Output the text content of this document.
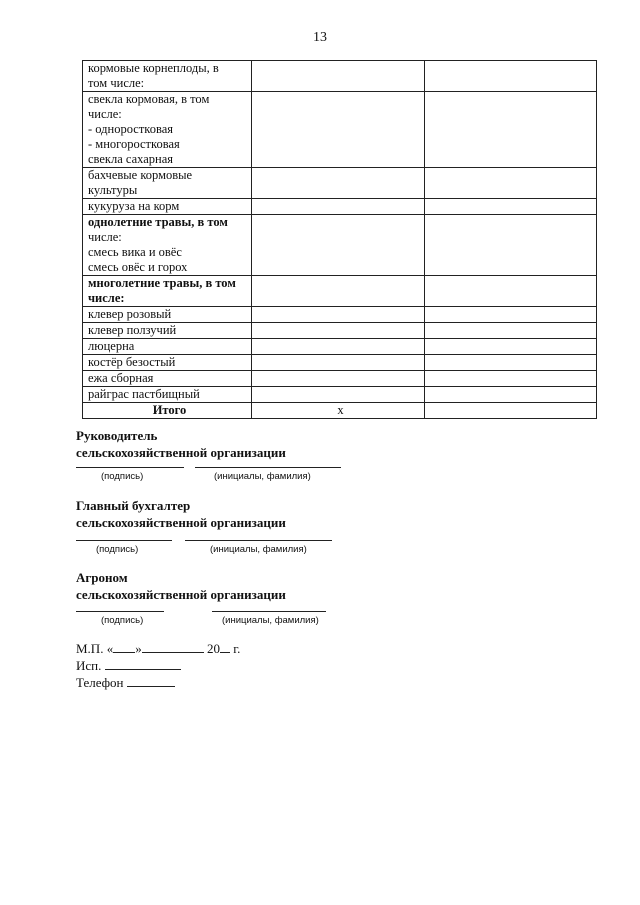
13
кормовые корнеплоды, в
том числе:		

свекла кормовая, в том
числе:
- одноростковая
- многоростковая
свекла сахарная		

бахчевые кормовые
культуры		

кукуруза на корм		

однолетние травы, в том
числе:
смесь вика и овёс
смесь овёс и горох		

многолетние травы, в том
числе:		

клевер розовый		

клевер ползучий		

люцерна		

костёр безостый		

ежа сборная		

райграс пастбищный		

Итого	х	
Руководитель
сельскохозяйственной организации
(подпись)	(инициалы, фамилия)
Главный бухгалтер
сельскохозяйственной организации
(подпись)	(инициалы, фамилия)
Агроном
сельскохозяйственной организации
(подпись)	(инициалы, фамилия)
М.П. « »	20 г.
Исп.
Телефон
